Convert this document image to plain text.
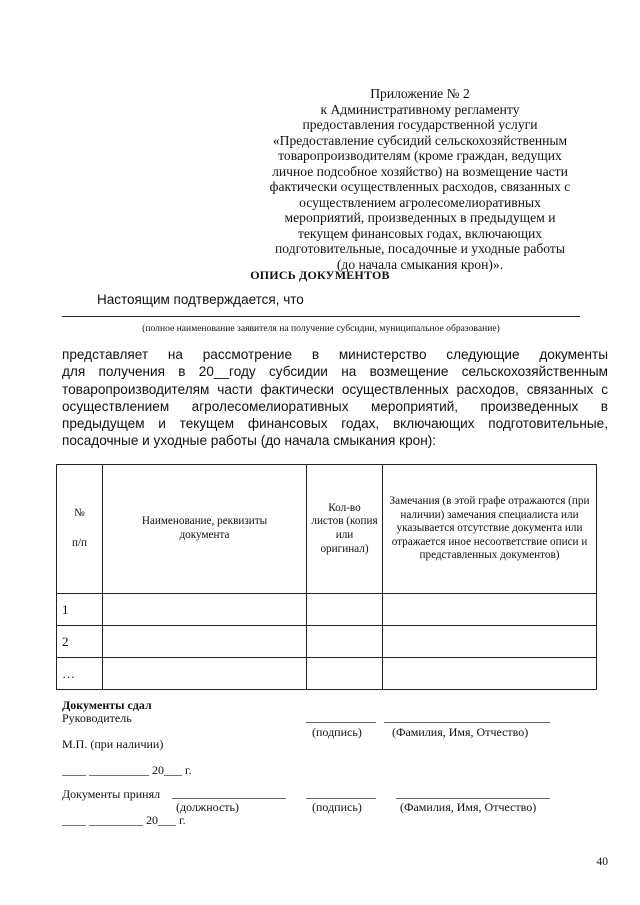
Приложение № 2
к Административному регламенту
предоставления государственной услуги
«Предоставление субсидий сельскохозяйственным
товаропроизводителям (кроме граждан, ведущих
личное подсобное хозяйство) на возмещение части
фактически осуществленных расходов, связанных с
осуществлением агролесомелиоративных
мероприятий, произведенных в предыдущем и
текущем финансовых годах, включающих
подготовительные, посадочные и уходные работы
(до начала смыкания крон)».
ОПИСЬ ДОКУМЕНТОВ
Настоящим подтверждается, что
(полное наименование заявителя на получение субсидии, муниципальное образование)
представляет на рассмотрение в министерство следующие документы
для получения в 20__году субсидии на возмещение сельскохозяйственным
товаропроизводителям части фактически осуществленных расходов, связанных с
осуществлением агролесомелиоративных мероприятий, произведенных в
предыдущем и текущем финансовых годах, включающих подготовительные,
посадочные и уходные работы (до начала смыкания крон):
№
п/п	Наименование, реквизиты документа	Кол-во листов (копия или оригинал)	Замечания (в этой графе отражаются (при наличии) замечания специалиста или указывается отсутствие документа или отражается иное несоответствие описи и представленных документов)

1			
2			
…			
Документы сдал
Руководитель
(подпись)	(Фамилия, Имя, Отчество)
М.П. (при наличии)
____ __________ 20___ г.
Документы принял
(должность)	(подпись)	(Фамилия, Имя, Отчество)
____ _________ 20___ г.
40
